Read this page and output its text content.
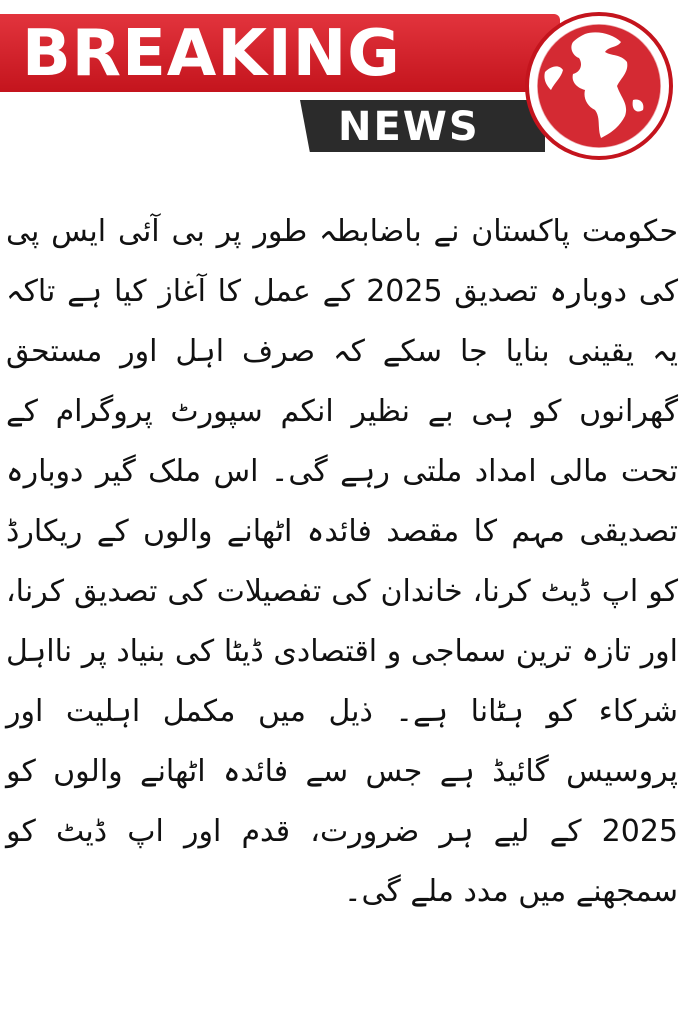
BREAKING
NEWS

حکومت پاکستان نے باضابطہ طور پر بی آئی ایس پی کی دوبارہ تصدیق 2025 کے عمل کا آغاز کیا ہے تاکہ یہ یقینی بنایا جا سکے کہ صرف اہل اور مستحق گھرانوں کو ہی بے نظیر انکم سپورٹ پروگرام کے تحت مالی امداد ملتی رہے گی۔ اس ملک گیر دوبارہ تصدیقی مہم کا مقصد فائدہ اٹھانے والوں کے ریکارڈ کو اپ ڈیٹ کرنا، خاندان کی تفصیلات کی تصدیق کرنا، اور تازہ ترین سماجی و اقتصادی ڈیٹا کی بنیاد پر نااہل شرکاء کو ہٹانا ہے۔ ذیل میں مکمل اہلیت اور پروسیس گائیڈ ہے جس سے فائدہ اٹھانے والوں کو 2025 کے لیے ہر ضرورت، قدم اور اپ ڈیٹ کو سمجھنے میں مدد ملے گی۔
